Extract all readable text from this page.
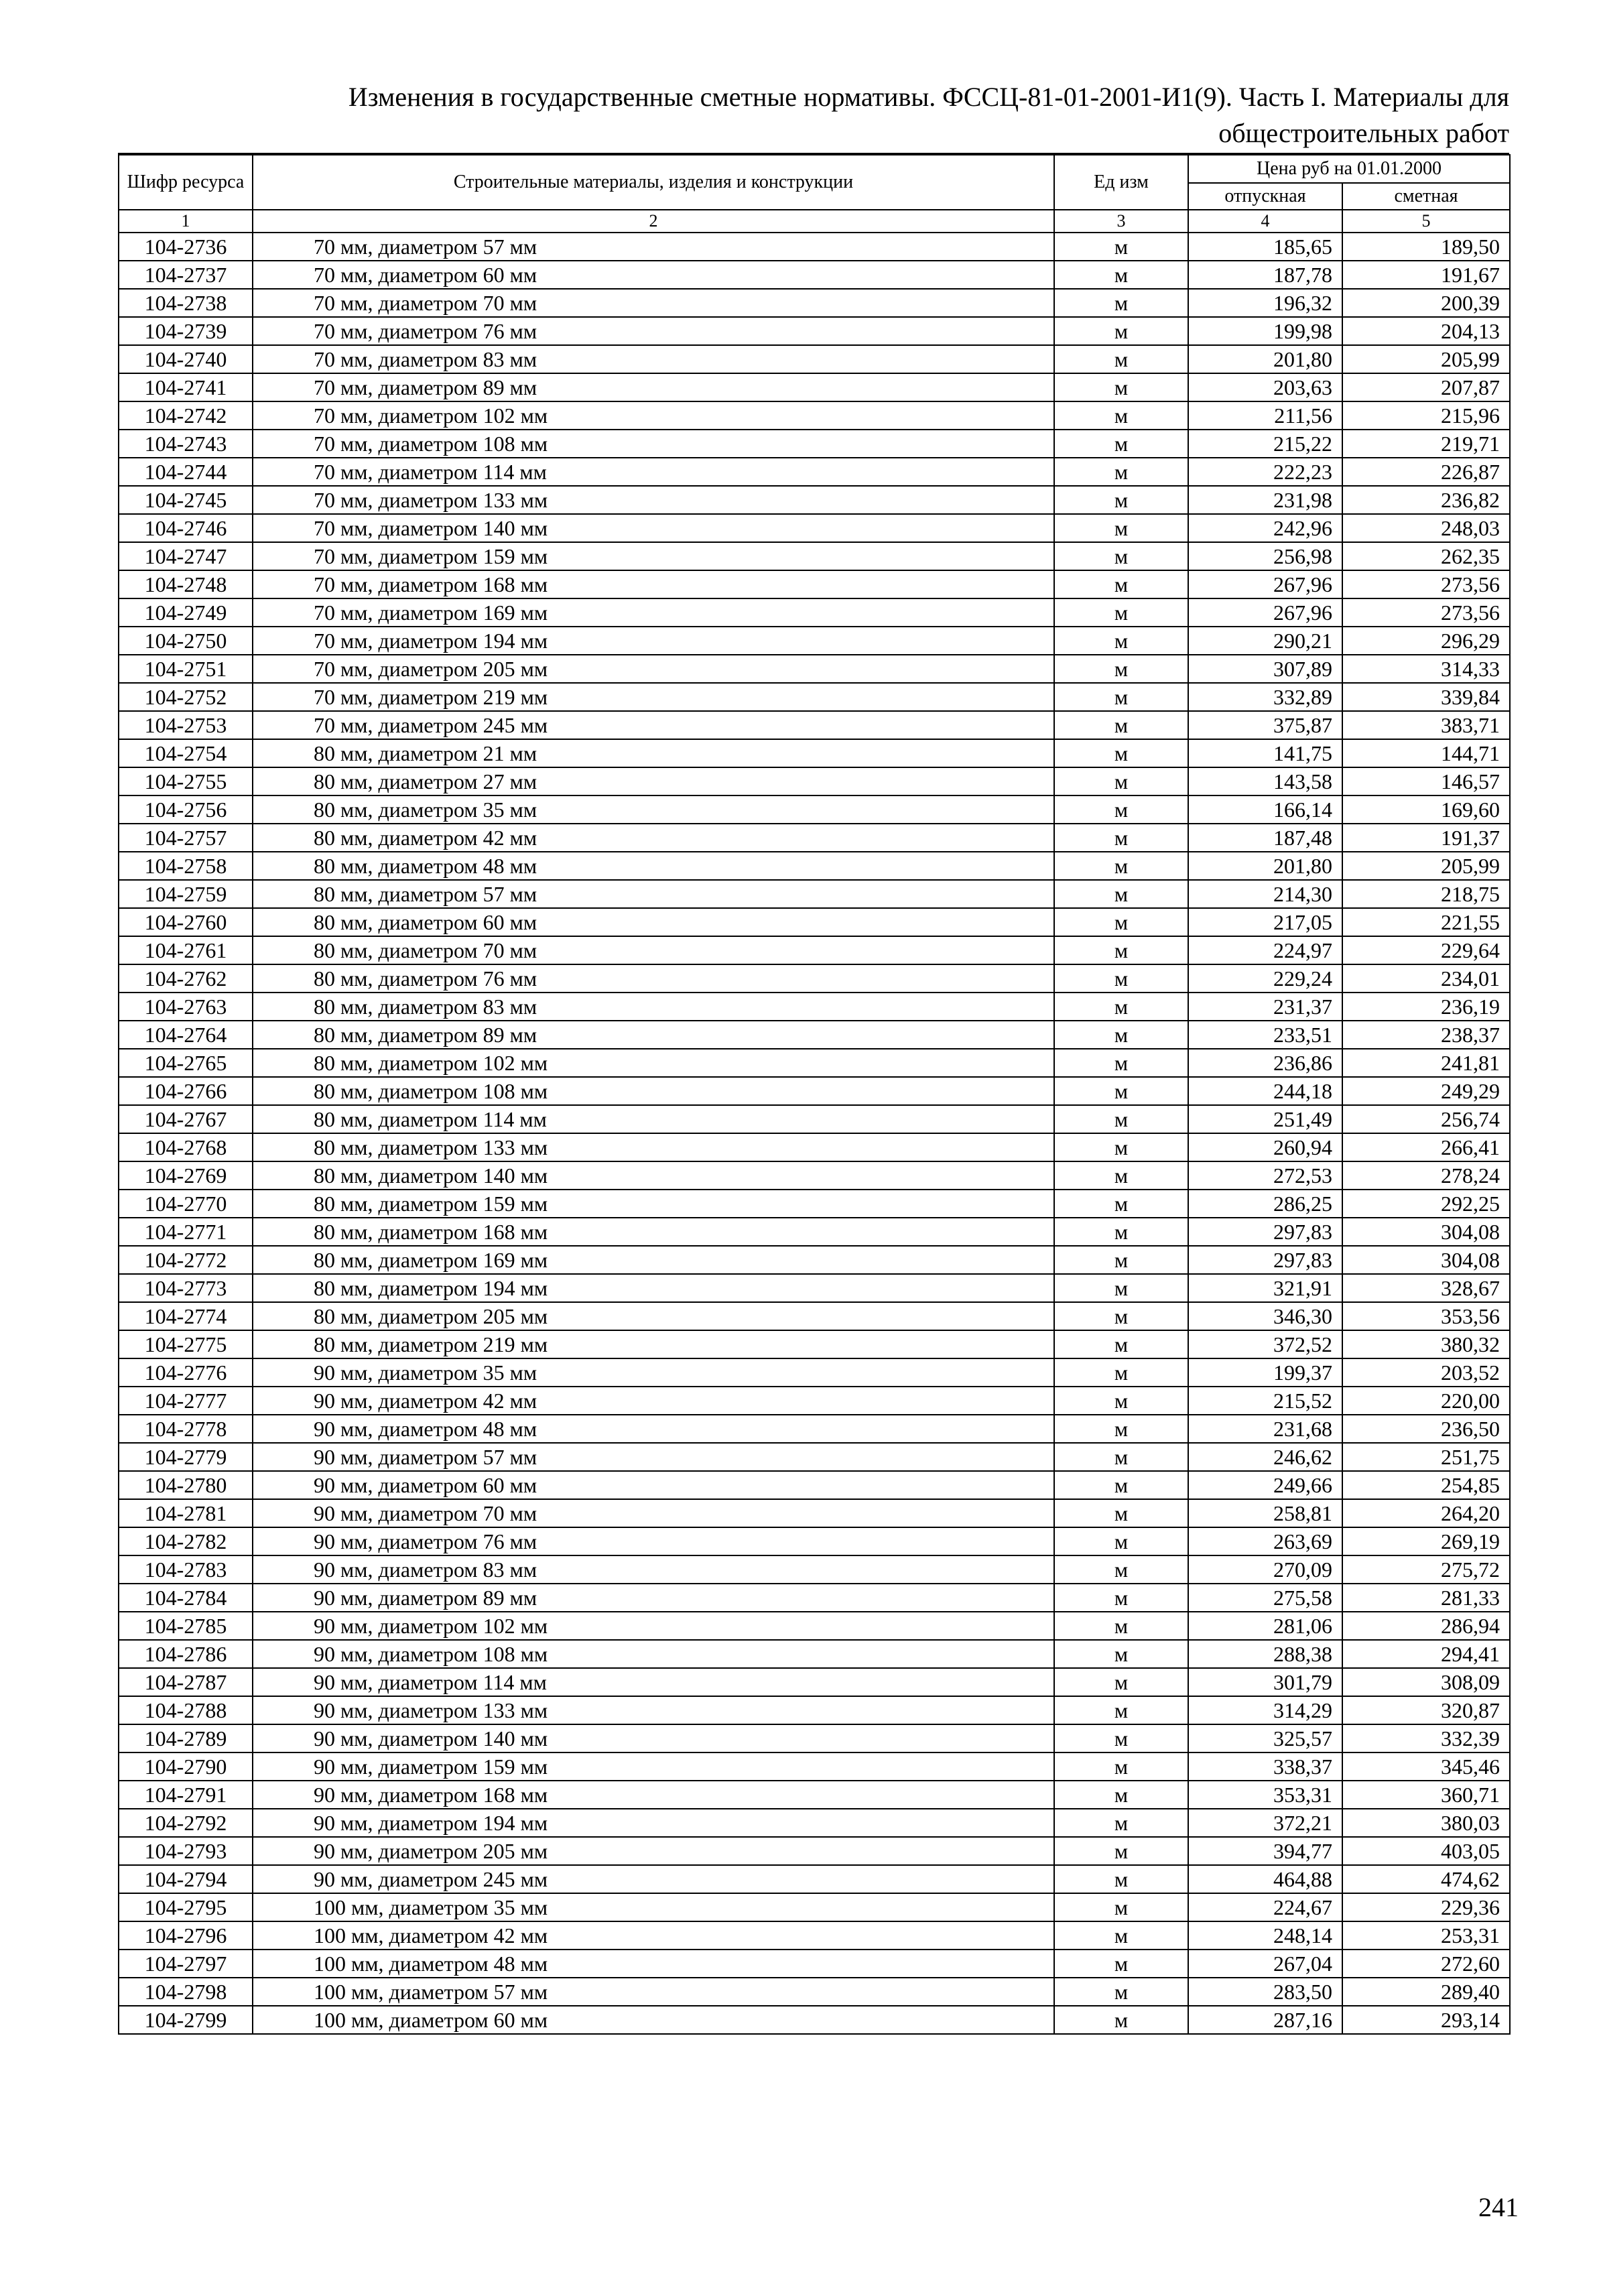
Изменения в государственные сметные нормативы. ФССЦ-81-01-2001-И1(9). Часть I. Материалы для
общестроительных работ
Шифр ресурса	Строительные материалы, изделия и конструкции	Ед изм	Цена руб на 01.01.2000	
			отпускная	сметная
1	2	3	4	5
104-2736	70 мм, диаметром 57 мм	м	185,65	189,50
104-2737	70 мм, диаметром 60 мм	м	187,78	191,67
104-2738	70 мм, диаметром 70 мм	м	196,32	200,39
104-2739	70 мм, диаметром 76 мм	м	199,98	204,13
104-2740	70 мм, диаметром 83 мм	м	201,80	205,99
104-2741	70 мм, диаметром 89 мм	м	203,63	207,87
104-2742	70 мм, диаметром 102 мм	м	211,56	215,96
104-2743	70 мм, диаметром 108 мм	м	215,22	219,71
104-2744	70 мм, диаметром 114 мм	м	222,23	226,87
104-2745	70 мм, диаметром 133 мм	м	231,98	236,82
104-2746	70 мм, диаметром 140 мм	м	242,96	248,03
104-2747	70 мм, диаметром 159 мм	м	256,98	262,35
104-2748	70 мм, диаметром 168 мм	м	267,96	273,56
104-2749	70 мм, диаметром 169 мм	м	267,96	273,56
104-2750	70 мм, диаметром 194 мм	м	290,21	296,29
104-2751	70 мм, диаметром 205 мм	м	307,89	314,33
104-2752	70 мм, диаметром 219 мм	м	332,89	339,84
104-2753	70 мм, диаметром 245 мм	м	375,87	383,71
104-2754	80 мм, диаметром 21 мм	м	141,75	144,71
104-2755	80 мм, диаметром 27 мм	м	143,58	146,57
104-2756	80 мм, диаметром 35 мм	м	166,14	169,60
104-2757	80 мм, диаметром 42 мм	м	187,48	191,37
104-2758	80 мм, диаметром 48 мм	м	201,80	205,99
104-2759	80 мм, диаметром 57 мм	м	214,30	218,75
104-2760	80 мм, диаметром 60 мм	м	217,05	221,55
104-2761	80 мм, диаметром 70 мм	м	224,97	229,64
104-2762	80 мм, диаметром 76 мм	м	229,24	234,01
104-2763	80 мм, диаметром 83 мм	м	231,37	236,19
104-2764	80 мм, диаметром 89 мм	м	233,51	238,37
104-2765	80 мм, диаметром 102 мм	м	236,86	241,81
104-2766	80 мм, диаметром 108 мм	м	244,18	249,29
104-2767	80 мм, диаметром 114 мм	м	251,49	256,74
104-2768	80 мм, диаметром 133 мм	м	260,94	266,41
104-2769	80 мм, диаметром 140 мм	м	272,53	278,24
104-2770	80 мм, диаметром 159 мм	м	286,25	292,25
104-2771	80 мм, диаметром 168 мм	м	297,83	304,08
104-2772	80 мм, диаметром 169 мм	м	297,83	304,08
104-2773	80 мм, диаметром 194 мм	м	321,91	328,67
104-2774	80 мм, диаметром 205 мм	м	346,30	353,56
104-2775	80 мм, диаметром 219 мм	м	372,52	380,32
104-2776	90 мм, диаметром 35 мм	м	199,37	203,52
104-2777	90 мм, диаметром 42 мм	м	215,52	220,00
104-2778	90 мм, диаметром 48 мм	м	231,68	236,50
104-2779	90 мм, диаметром 57 мм	м	246,62	251,75
104-2780	90 мм, диаметром 60 мм	м	249,66	254,85
104-2781	90 мм, диаметром 70 мм	м	258,81	264,20
104-2782	90 мм, диаметром 76 мм	м	263,69	269,19
104-2783	90 мм, диаметром 83 мм	м	270,09	275,72
104-2784	90 мм, диаметром 89 мм	м	275,58	281,33
104-2785	90 мм, диаметром 102 мм	м	281,06	286,94
104-2786	90 мм, диаметром 108 мм	м	288,38	294,41
104-2787	90 мм, диаметром 114 мм	м	301,79	308,09
104-2788	90 мм, диаметром 133 мм	м	314,29	320,87
104-2789	90 мм, диаметром 140 мм	м	325,57	332,39
104-2790	90 мм, диаметром 159 мм	м	338,37	345,46
104-2791	90 мм, диаметром 168 мм	м	353,31	360,71
104-2792	90 мм, диаметром 194 мм	м	372,21	380,03
104-2793	90 мм, диаметром 205 мм	м	394,77	403,05
104-2794	90 мм, диаметром 245 мм	м	464,88	474,62
104-2795	100 мм, диаметром 35 мм	м	224,67	229,36
104-2796	100 мм, диаметром 42 мм	м	248,14	253,31
104-2797	100 мм, диаметром 48 мм	м	267,04	272,60
104-2798	100 мм, диаметром 57 мм	м	283,50	289,40
104-2799	100 мм, диаметром 60 мм	м	287,16	293,14
241
